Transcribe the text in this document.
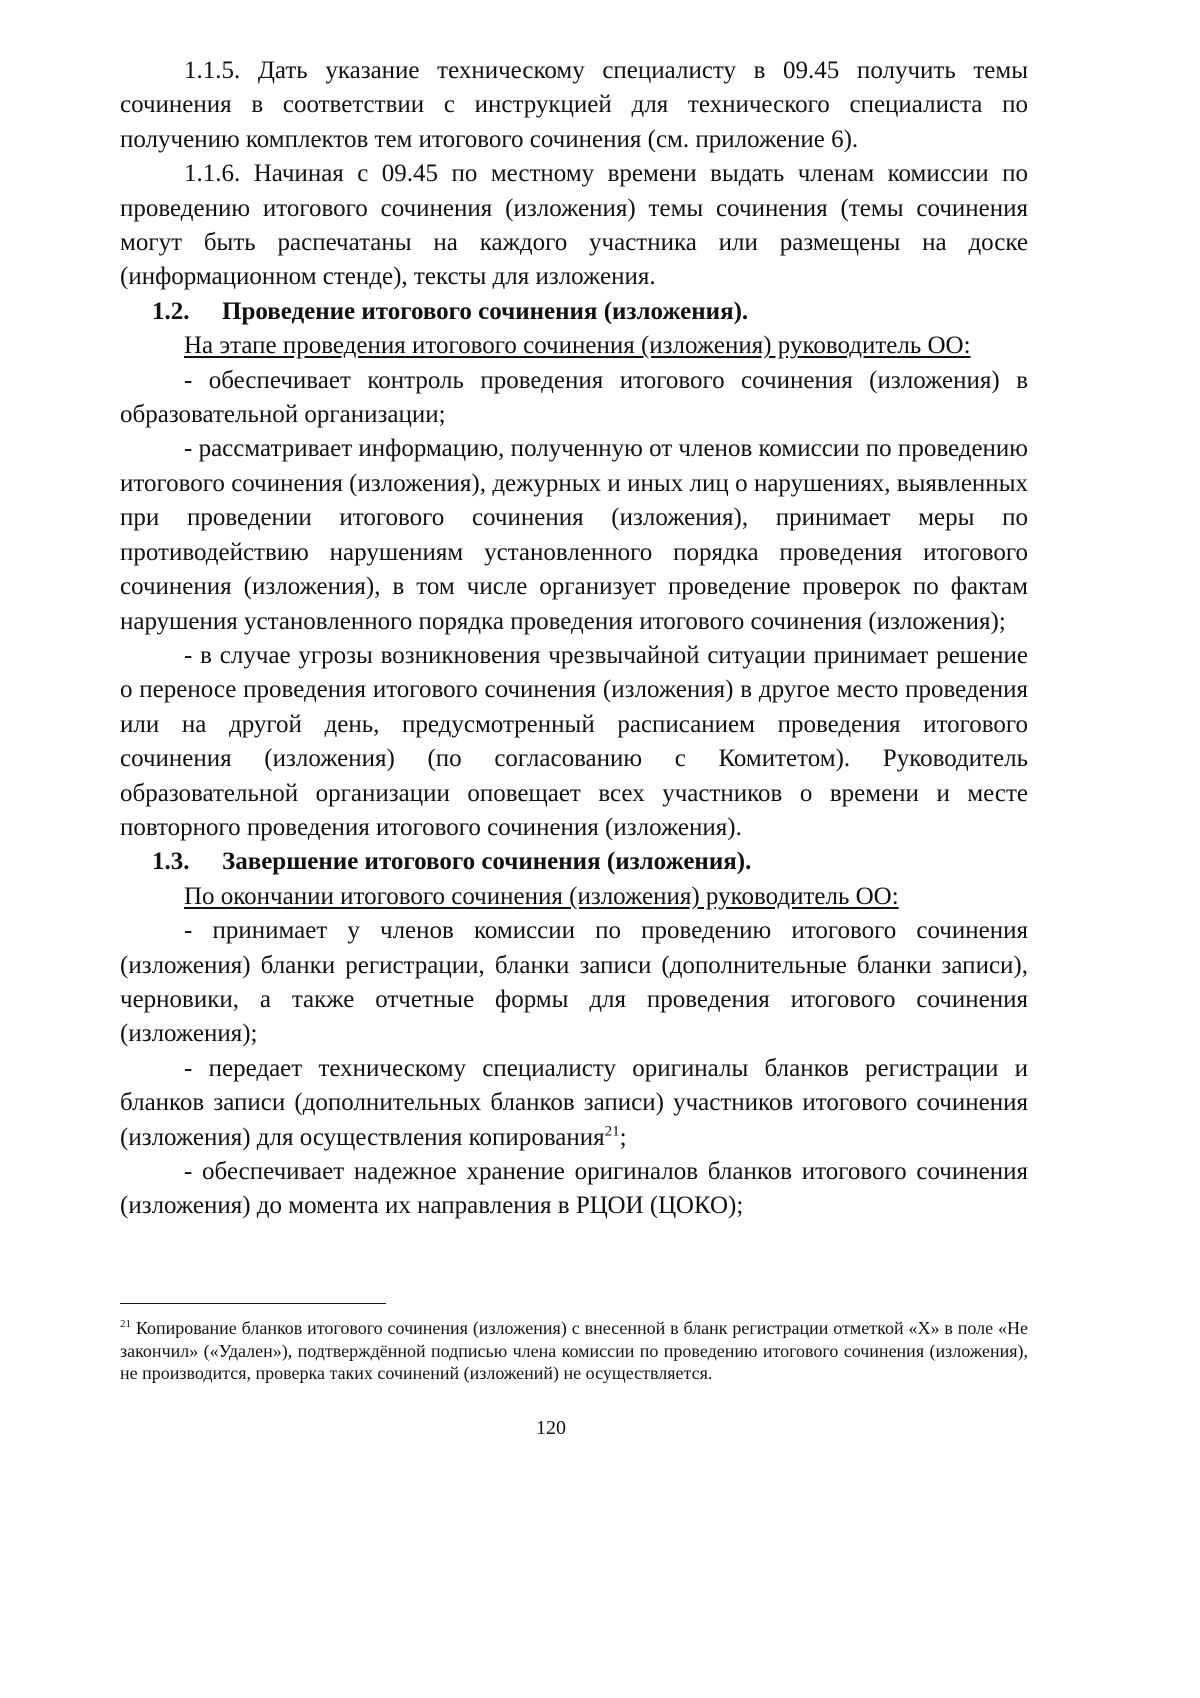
1.1.5. Дать указание техническому специалисту в 09.45 получить темы сочинения в соответствии с инструкцией для технического специалиста по получению комплектов тем итогового сочинения (см. приложение 6).

1.1.6. Начиная с 09.45 по местному времени выдать членам комиссии по проведению итогового сочинения (изложения) темы сочинения (темы сочинения могут быть распечатаны на каждого участника или размещены на доске (информационном стенде), тексты для изложения.

1.2. Проведение итогового сочинения (изложения).

На этапе проведения итогового сочинения (изложения) руководитель ОО:

- обеспечивает контроль проведения итогового сочинения (изложения) в образовательной организации;

- рассматривает информацию, полученную от членов комиссии по проведению итогового сочинения (изложения), дежурных и иных лиц о нарушениях, выявленных при проведении итогового сочинения (изложения), принимает меры по противодействию нарушениям установленного порядка проведения итогового сочинения (изложения), в том числе организует проведение проверок по фактам нарушения установленного порядка проведения итогового сочинения (изложения);

- в случае угрозы возникновения чрезвычайной ситуации принимает решение о переносе проведения итогового сочинения (изложения) в другое место проведения или на другой день, предусмотренный расписанием проведения итогового сочинения (изложения) (по согласованию с Комитетом). Руководитель образовательной организации оповещает всех участников о времени и месте повторного проведения итогового сочинения (изложения).

1.3. Завершение итогового сочинения (изложения).

По окончании итогового сочинения (изложения) руководитель ОО:

- принимает у членов комиссии по проведению итогового сочинения (изложения) бланки регистрации, бланки записи (дополнительные бланки записи), черновики, а также отчетные формы для проведения итогового сочинения (изложения);

- передает техническому специалисту оригиналы бланков регистрации и бланков записи (дополнительных бланков записи) участников итогового сочинения (изложения) для осуществления копирования$^{21}$;

- обеспечивает надежное хранение оригиналов бланков итогового сочинения (изложения) до момента их направления в РЦОИ (ЦОКО);

$^{21}$ Копирование бланков итогового сочинения (изложения) с внесенной в бланк регистрации отметкой «X» в поле «Не закончил» («Удален»), подтверждённой подписью члена комиссии по проведению итогового сочинения (изложения), не производится, проверка таких сочинений (изложений) не осуществляется.

120
